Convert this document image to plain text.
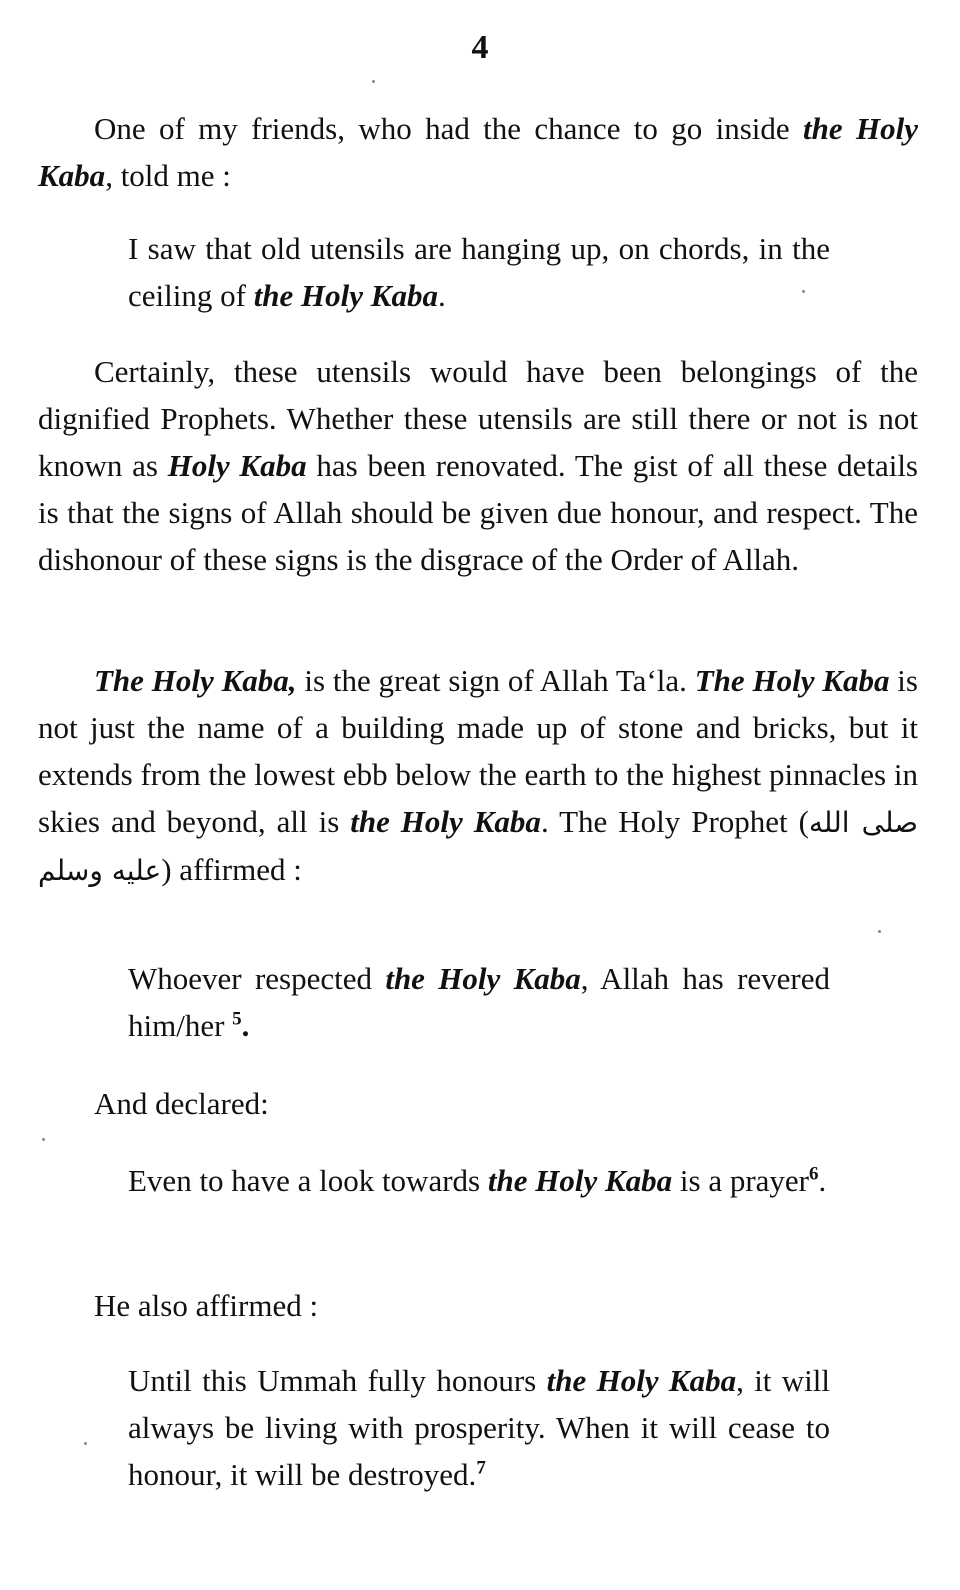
4

One of my friends, who had the chance to go inside the Holy Kaba, told me :

I saw that old utensils are hanging up, on chords, in the ceiling of the Holy Kaba.

Certainly, these utensils would have been belongings of the dignified Prophets. Whether these utensils are still there or not is not known as Holy Kaba has been renovated. The gist of all these details is that the signs of Allah should be given due honour, and respect. The dishonour of these signs is the disgrace of the Order of Allah.

The Holy Kaba, is the great sign of Allah Ta‘la. The Holy Kaba is not just the name of a building made up of stone and bricks, but it extends from the lowest ebb below the earth to the highest pinnacles in skies and beyond, all is the Holy Kaba. The Holy Prophet (صلى الله عليه وسلم) affirmed :

Whoever respected the Holy Kaba, Allah has revered him/her $^5$.

And declared:

Even to have a look towards the Holy Kaba is a prayer$^6$.

He also affirmed :

Until this Ummah fully honours the Holy Kaba, it will always be living with prosperity. When it will cease to honour, it will be destroyed.$^7$
